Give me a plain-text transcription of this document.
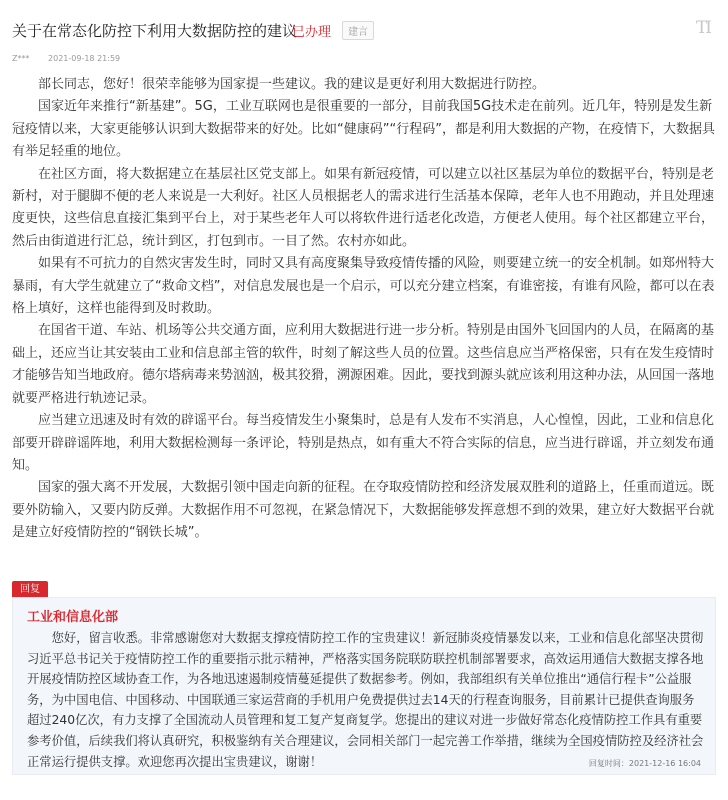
关于在常态化防控下利用大数据防控的建议
已办理	建言	TI
Z*** 2021-09-18 21:59

部长同志，您好！很荣幸能够为国家提一些建议。我的建议是更好利用大数据进行防控。

国家近年来推行“新基建”。5G，工业互联网也是很重要的一部分，目前我国5G技术走在前列。近几年，特别是发生新冠疫情以来，大家更能够认识到大数据带来的好处。比如“健康码”“行程码”，都是利用大数据的产物，在疫情下，大数据具有举足轻重的地位。

在社区方面，将大数据建立在基层社区党支部上。如果有新冠疫情，可以建立以社区基层为单位的数据平台，特别是老新村，对于腿脚不便的老人来说是一大利好。社区人员根据老人的需求进行生活基本保障，老年人也不用跑动，并且处理速度更快，这些信息直接汇集到平台上，对于某些老年人可以将软件进行适老化改造，方便老人使用。每个社区都建立平台，然后由街道进行汇总，统计到区，打包到市。一目了然。农村亦如此。

如果有不可抗力的自然灾害发生时，同时又具有高度聚集导致疫情传播的风险，则要建立统一的安全机制。如郑州特大暴雨，有大学生就建立了“救命文档”，对信息发展也是一个启示，可以充分建立档案，有谁密接，有谁有风险，都可以在表格上填好，这样也能得到及时救助。

在国省干道、车站、机场等公共交通方面，应利用大数据进行进一步分析。特别是由国外飞回国内的人员，在隔离的基础上，还应当让其安装由工业和信息部主管的软件，时刻了解这些人员的位置。这些信息应当严格保密，只有在发生疫情时才能够告知当地政府。德尔塔病毒来势汹汹，极其狡猾，溯源困难。因此，要找到源头就应该利用这种办法，从回国一落地就要严格进行轨迹记录。

应当建立迅速及时有效的辟谣平台。每当疫情发生小聚集时，总是有人发布不实消息，人心惶惶，因此，工业和信息化部要开辟辟谣阵地，利用大数据检测每一条评论，特别是热点，如有重大不符合实际的信息，应当进行辟谣，并立刻发布通知。

国家的强大离不开发展，大数据引领中国走向新的征程。在夺取疫情防控和经济发展双胜利的道路上，任重而道远。既要外防输入，又要内防反弹。大数据作用不可忽视，在紧急情况下，大数据能够发挥意想不到的效果，建立好大数据平台就是建立好疫情防控的“钢铁长城”。

回复
工业和信息化部
您好，留言收悉。非常感谢您对大数据支撑疫情防控工作的宝贵建议！新冠肺炎疫情暴发以来，工业和信息化部坚决贯彻习近平总书记关于疫情防控工作的重要指示批示精神，严格落实国务院联防联控机制部署要求，高效运用通信大数据支撑各地开展疫情防控区域协查工作，为各地迅速遏制疫情蔓延提供了数据参考。例如，我部组织有关单位推出“通信行程卡”公益服务，为中国电信、中国移动、中国联通三家运营商的手机用户免费提供过去14天的行程查询服务，目前累计已提供查询服务超过240亿次，有力支撑了全国流动人员管理和复工复产复商复学。您提出的建议对进一步做好常态化疫情防控工作具有重要参考价值，后续我们将认真研究，积极鉴纳有关合理建议，会同相关部门一起完善工作举措，继续为全国疫情防控及经济社会正常运行提供支撑。欢迎您再次提出宝贵建议，谢谢！	回复时间：2021-12-16 16:04
